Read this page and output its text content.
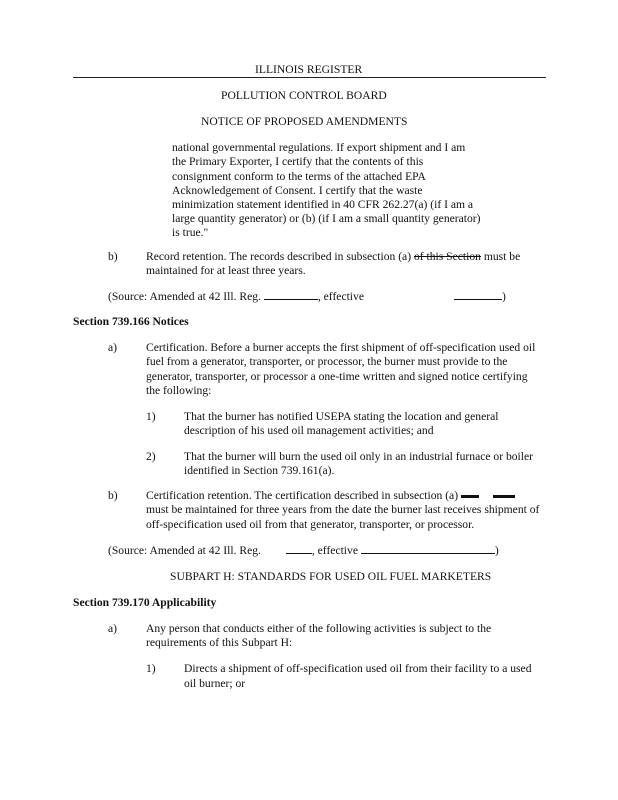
ILLINOIS REGISTER
POLLUTION CONTROL BOARD
NOTICE OF PROPOSED AMENDMENTS
national governmental regulations. If export shipment and I am
the Primary Exporter, I certify that the contents of this
consignment conform to the terms of the attached EPA
Acknowledgement of Consent. I certify that the waste
minimization statement identified in 40 CFR 262.27(a) (if I am a
large quantity generator) or (b) (if I am a small quantity generator)
is true."
b) Record retention. The records described in subsection (a) of this Section must be
maintained for at least three years.
(Source: Amended at 42 Ill. Reg.	, effective	)
Section 739.166 Notices
a) Certification. Before a burner accepts the first shipment of off-specification used oil
fuel from a generator, transporter, or processor, the burner must provide to the
generator, transporter, or processor a one-time written and signed notice certifying
the following:
1) That the burner has notified USEPA stating the location and general
description of his used oil management activities; and
2) That the burner will burn the used oil only in an industrial furnace or boiler
identified in Section 739.161(a).
b) Certification retention. The certification described in subsection (a)
must be maintained for three years from the date the burner last receives shipment of
off-specification used oil from that generator, transporter, or processor.
(Source: Amended at 42 Ill. Reg.	, effective	)
SUBPART H: STANDARDS FOR USED OIL FUEL MARKETERS
Section 739.170 Applicability
a) Any person that conducts either of the following activities is subject to the
requirements of this Subpart H:
1) Directs a shipment of off-specification used oil from their facility to a used
oil burner; or
